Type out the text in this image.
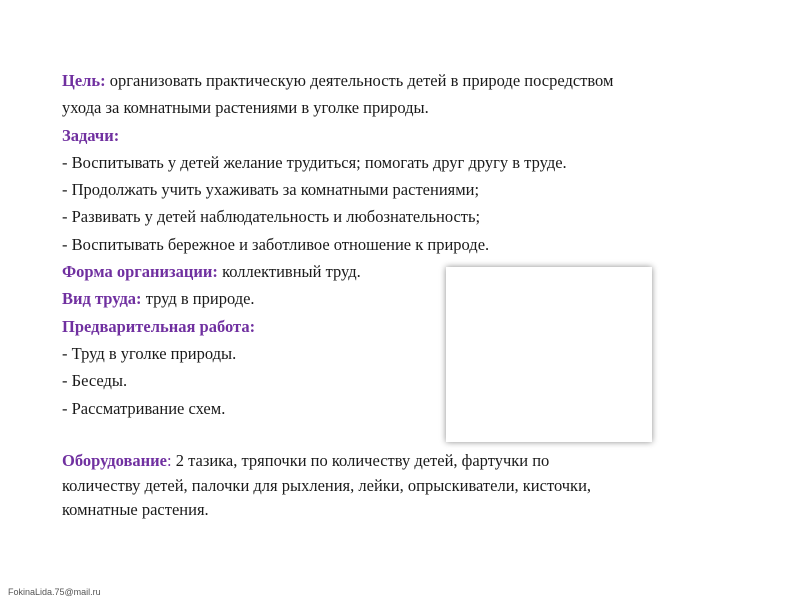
Цель: организовать практическую деятельность детей в природе посредством
ухода за комнатными растениями в уголке природы.
Задачи:
- Воспитывать у детей желание трудиться; помогать друг другу в труде.
- Продолжать учить ухаживать за комнатными растениями;
- Развивать у детей наблюдательность и любознательность;
- Воспитывать бережное и заботливое отношение к природе.
Форма организации: коллективный труд.
Вид труда: труд в природе.
Предварительная работа:
- Труд в уголке природы.
- Беседы.
- Рассматривание схем.
Оборудование: 2 тазика, тряпочки по количеству детей, фартучки по
количеству детей, палочки для рыхления, лейки, опрыскиватели, кисточки,
комнатные растения.
FokinaLida.75@mail.ru
